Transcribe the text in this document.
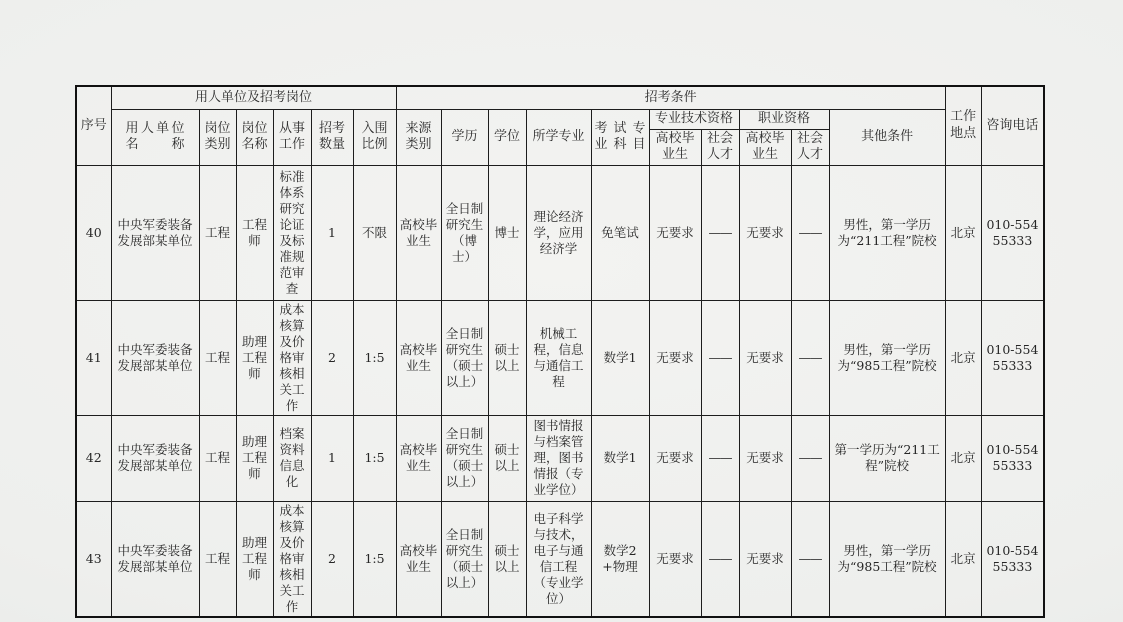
序号	用人单位及招考岗位						招考条件										工作地点	咨询电话
	用人单位名称	岗位类别	岗位名称	从事工作	招考数量	入围比例	来源类别	学历	学位	所学专业	考试专业科目	专业技术资格		职业资格		其他条件		
												高校毕业生	社会人才	高校毕业生	社会人才			
40	中央军委装备发展部某单位	工程	工程师	标准体系研究论证及标准规范审查	1	不限	高校毕业生	全日制研究生（博士）	博士	理论经济学，应用经济学	免笔试	无要求	——	无要求	——	男性，第一学历为“211工程”院校	北京	010-55455333
41	中央军委装备发展部某单位	工程	助理工程师	成本核算及价格审核相关工作	2	1:5	高校毕业生	全日制研究生（硕士以上）	硕士以上	机械工程，信息与通信工程	数学1	无要求	——	无要求	——	男性，第一学历为“985工程”院校	北京	010-55455333
42	中央军委装备发展部某单位	工程	助理工程师	档案资料信息化	1	1:5	高校毕业生	全日制研究生（硕士以上）	硕士以上	图书情报与档案管理，图书情报（专业学位）	数学1	无要求	——	无要求	——	第一学历为“211工程”院校	北京	010-55455333
43	中央军委装备发展部某单位	工程	助理工程师	成本核算及价格审核相关工作	2	1:5	高校毕业生	全日制研究生（硕士以上）	硕士以上	电子科学与技术，电子与通信工程（专业学位）	数学2+物理	无要求	——	无要求	——	男性，第一学历为“985工程”院校	北京	010-55455333
